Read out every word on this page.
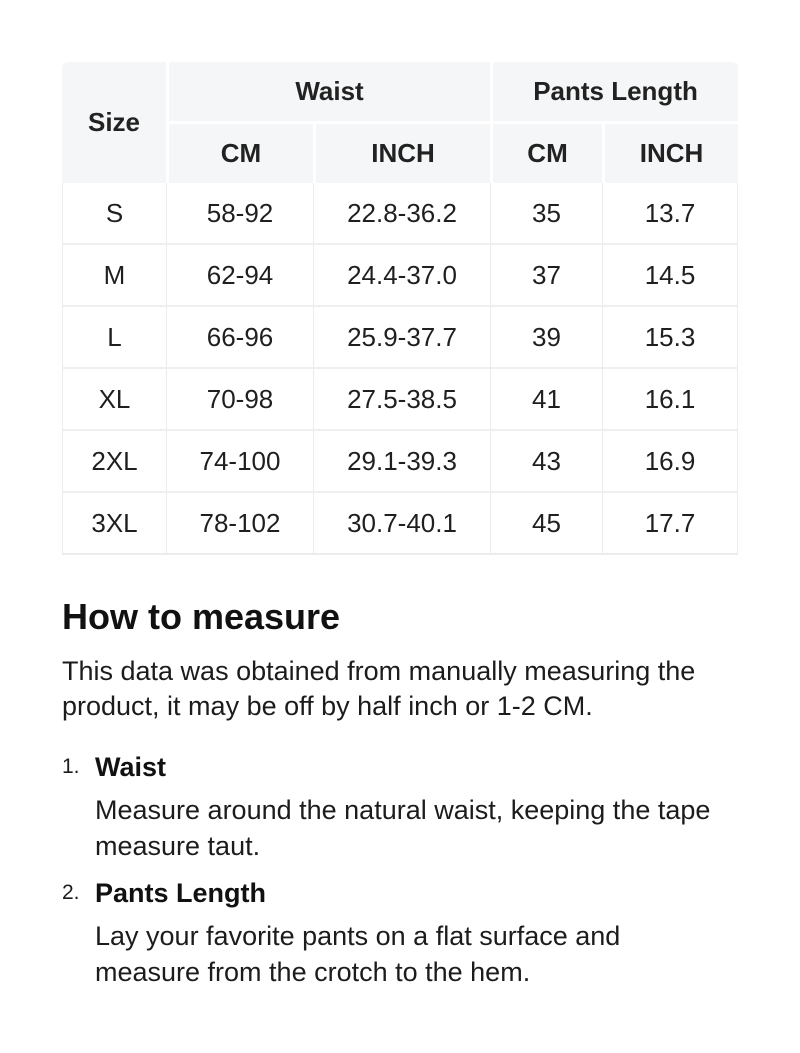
Size	Waist		Pants Length	
	CM	INCH	CM	INCH
S	58-92	22.8-36.2	35	13.7
M	62-94	24.4-37.0	37	14.5
L	66-96	25.9-37.7	39	15.3
XL	70-98	27.5-38.5	41	16.1
2XL	74-100	29.1-39.3	43	16.9
3XL	78-102	30.7-40.1	45	17.7
How to measure

This data was obtained from manually measuring the product, it may be off by half inch or 1-2 CM.

1. Waist
Measure around the natural waist, keeping the tape measure taut.
2. Pants Length
Lay your favorite pants on a flat surface and measure from the crotch to the hem.
